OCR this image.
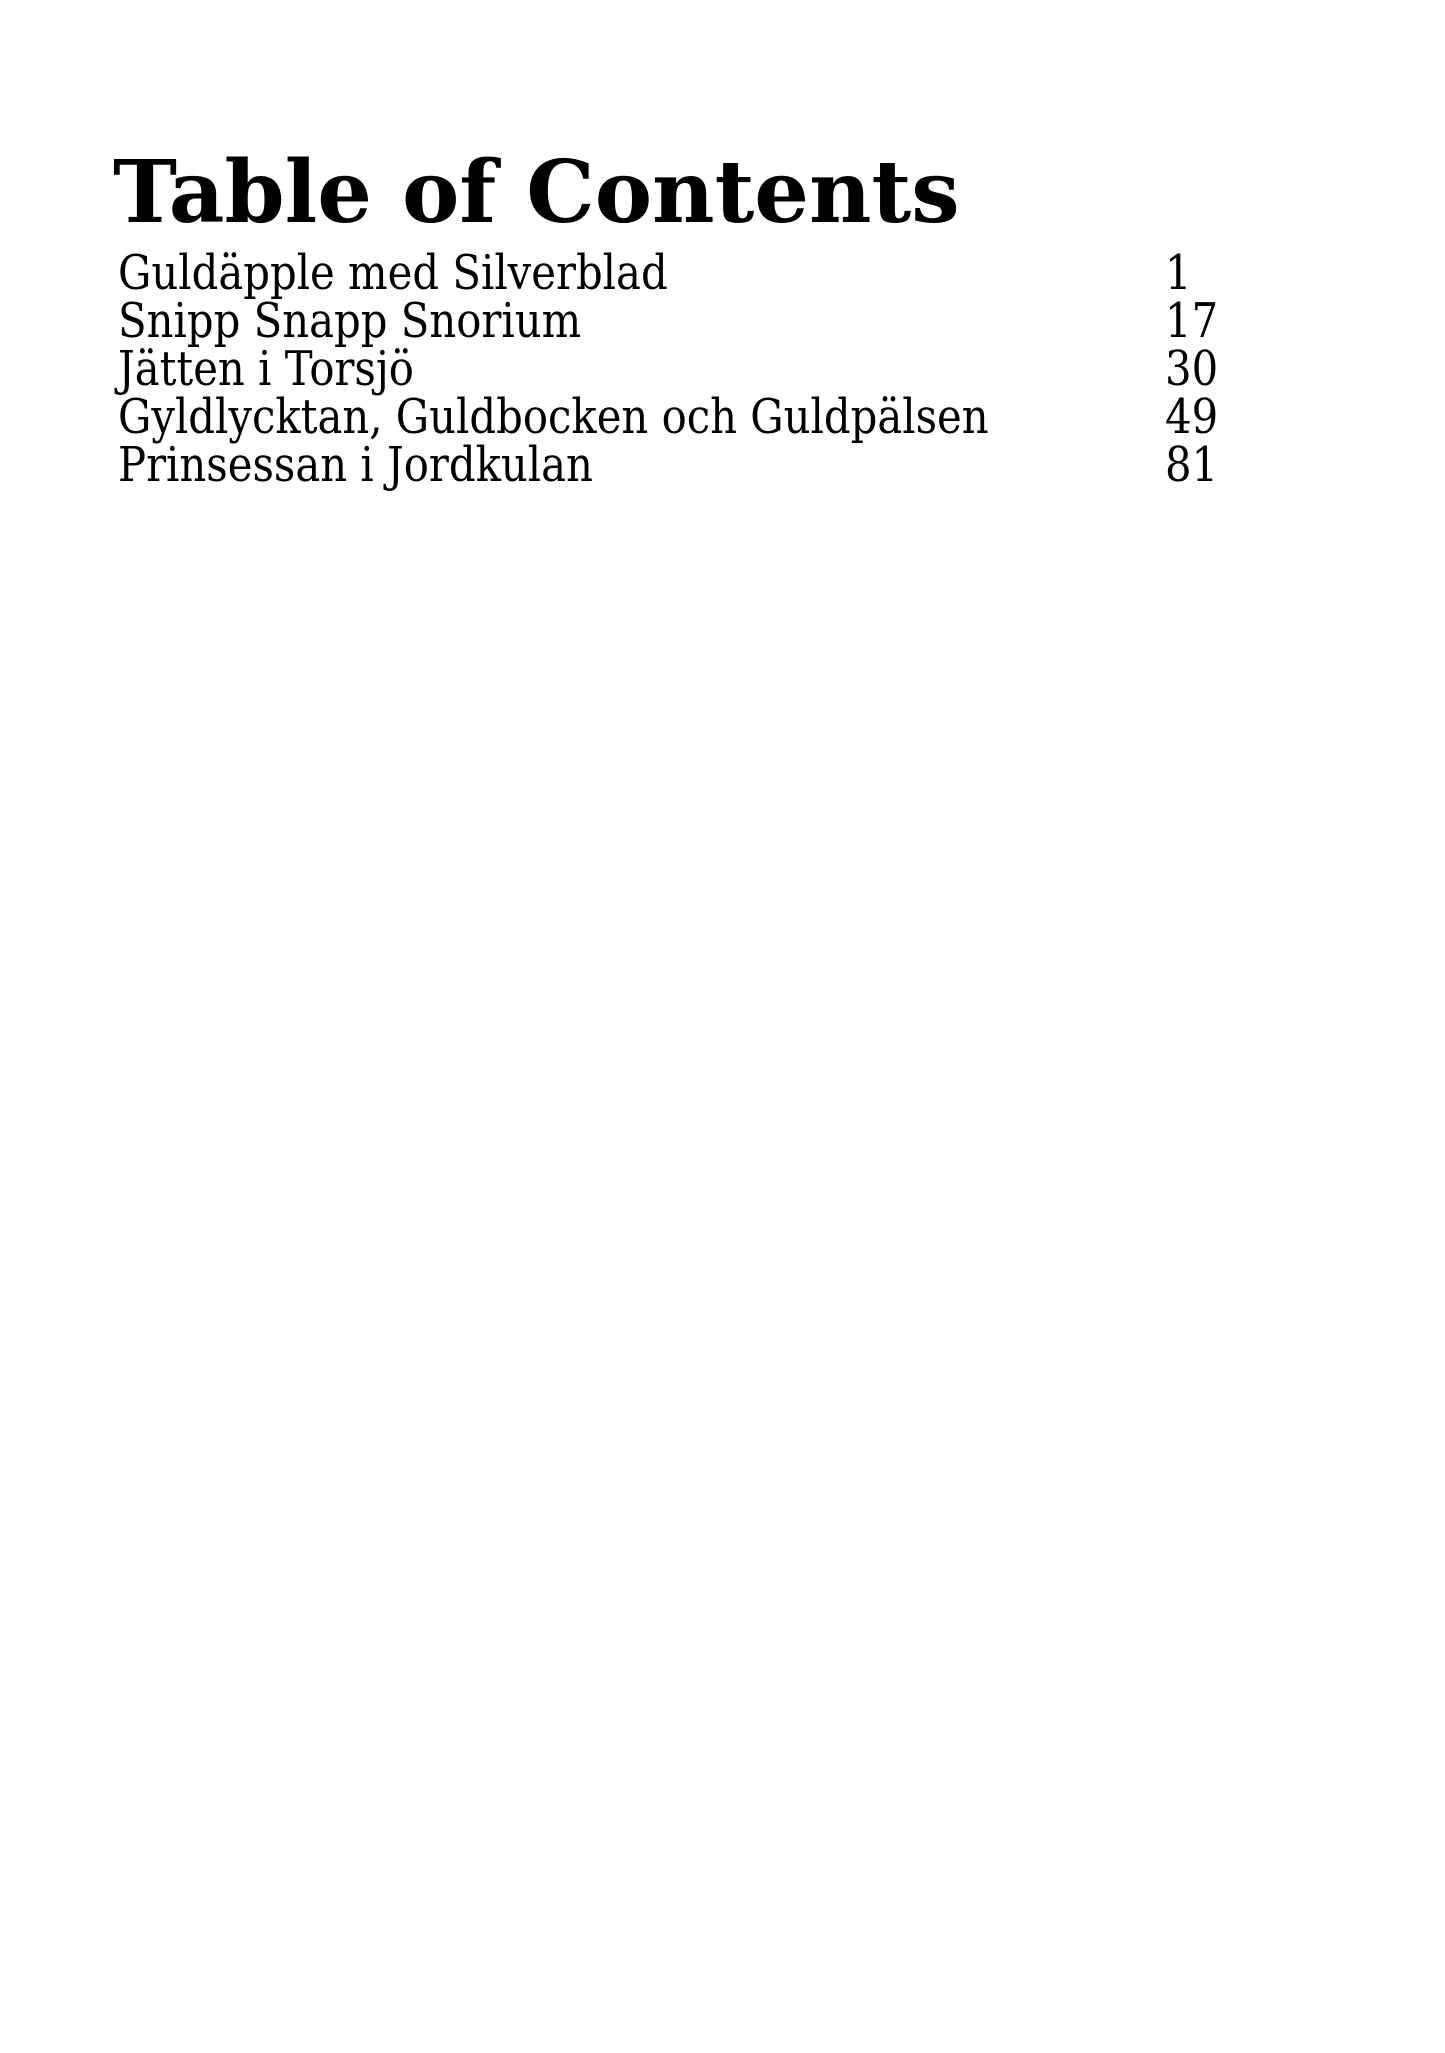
Table of Contents
Guldäpple med Silverblad	1
Snipp Snapp Snorium	17
Jätten i Torsjö	30
Gyldlycktan, Guldbocken och Guldpälsen	49
Prinsessan i Jordkulan	81
